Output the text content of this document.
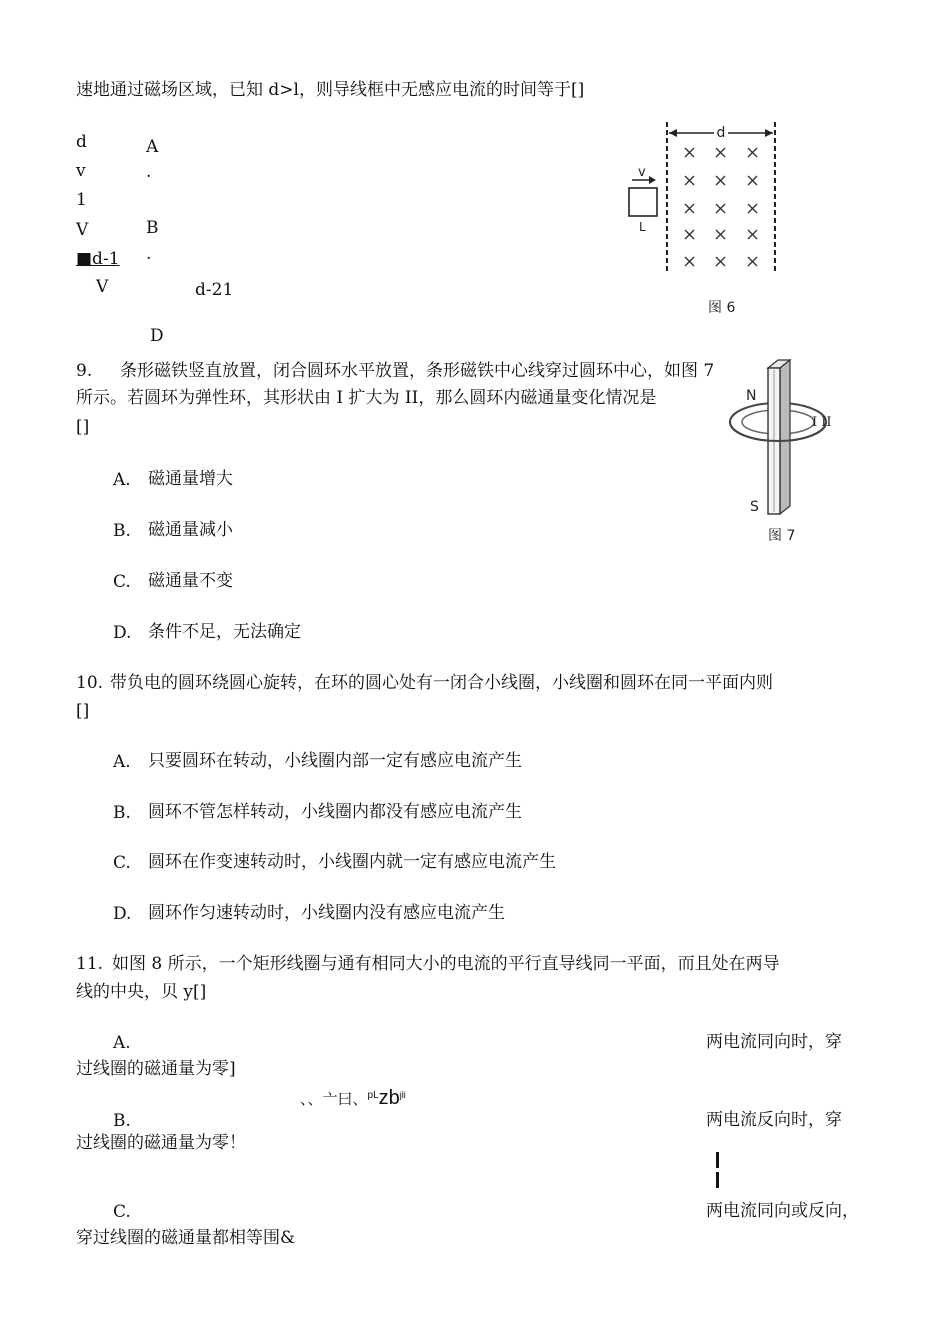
速地通过磁场区域，已知 d>l，则导线框中无感应电流的时间等于[]
d
v
1
V
■d-1
V
A
.
B
.
d-21
D
d
v
L
图 6
9. 条形磁铁竖直放置，闭合圆环水平放置，条形磁铁中心线穿过圆环中心，如图 7
所示。若圆环为弹性环，其形状由 I 扩大为 II，那么圆环内磁通量变化情况是
[]
A. 磁通量增大
B. 磁通量减小
C. 磁通量不变
D. 条件不足，无法确定
N
S
I II
图 7
10. 带负电的圆环绕圆心旋转，在环的圆心处有一闭合小线圈，小线圈和圆环在同一平面内则
[]
A. 只要圆环在转动，小线圈内部一定有感应电流产生
B. 圆环不管怎样转动，小线圈内都没有感应电流产生
C. 圆环在作变速转动时，小线圈内就一定有感应电流产生
D. 圆环作匀速转动时，小线圈内没有感应电流产生
11. 如图 8 所示，一个矩形线圈与通有相同大小的电流的平行直导线同一平面，而且处在两导
线的中央，贝 y[]
A.	两电流同向时，穿
过线圈的磁通量为零]
、、亠曰、$^{pL}zb^{jli}$
B.	两电流反向时，穿
过线圈的磁通量为零！
C.	两电流同向或反向，
穿过线圈的磁通量都相等围&
